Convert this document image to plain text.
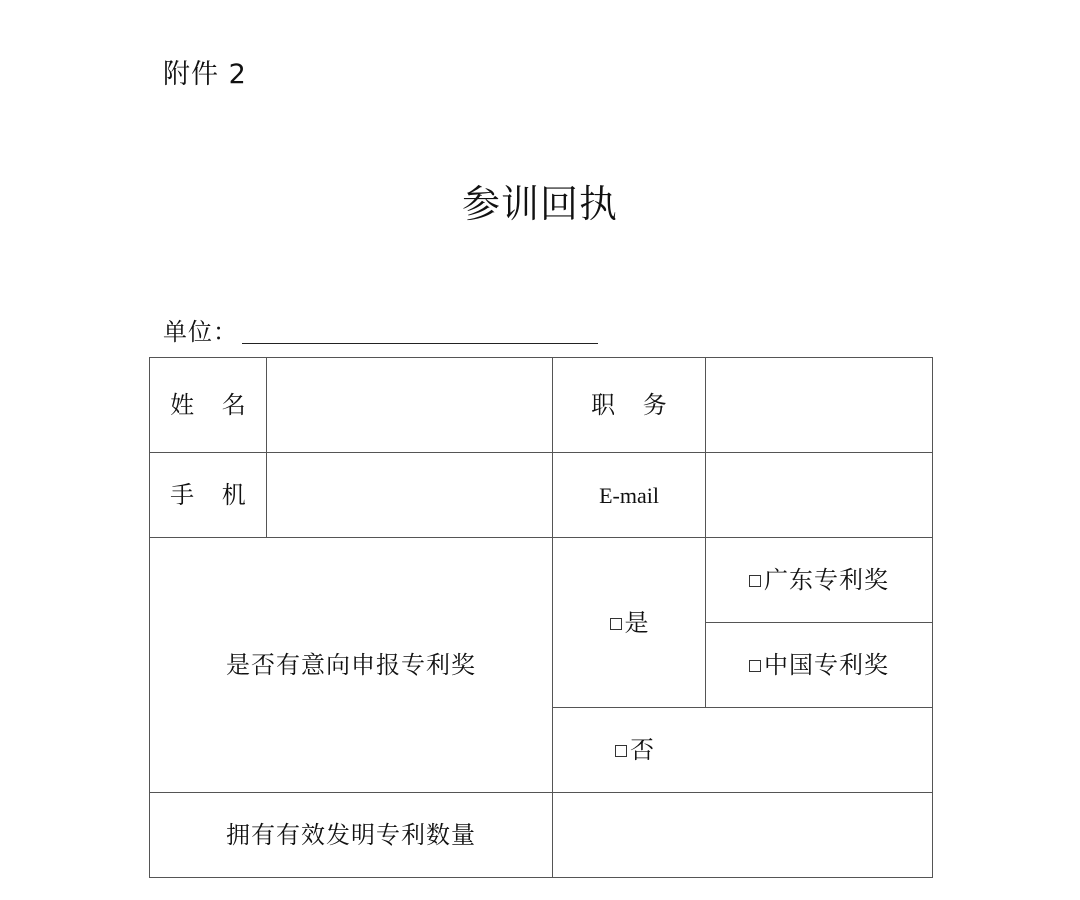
附件 2
参训回执
单位：
姓 名		职 务	
手 机		E-mail	
是否有意向申报专利奖		是	广东专利奖
			中国专利奖
		否	
拥有有效发明专利数量			
